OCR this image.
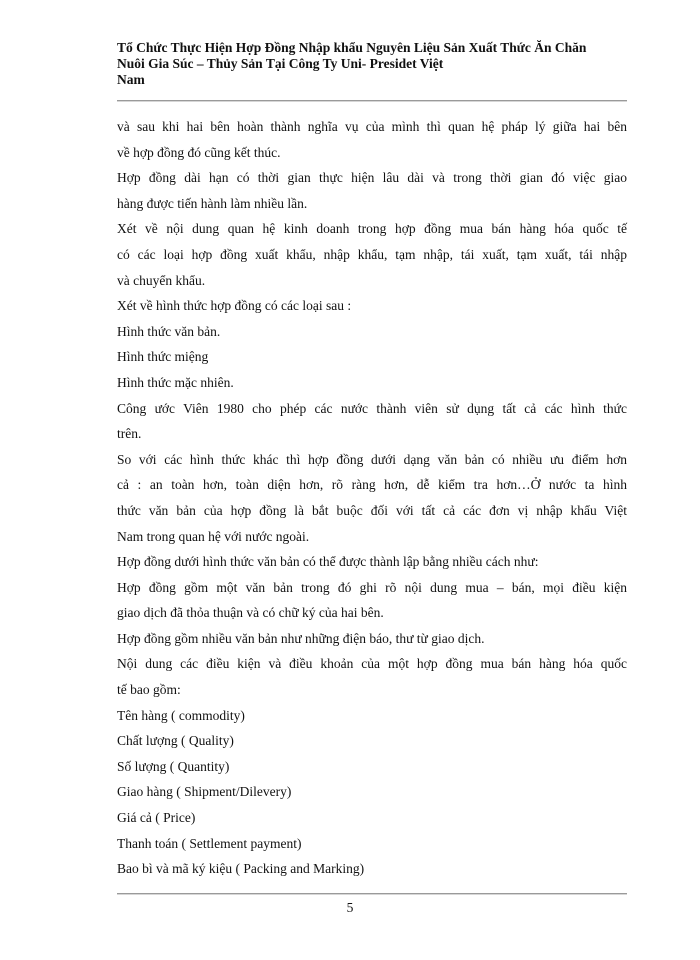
Tổ Chức Thực Hiện Hợp Đồng Nhập khẩu Nguyên Liệu Sản Xuất Thức Ăn Chăn
Nuôi Gia Súc – Thủy Sản Tại Công Ty Uni- Presidet Việt
Nam
và sau khi hai bên hoàn thành nghĩa vụ của mình thì quan hệ pháp lý giữa hai bên
về hợp đồng đó cũng kết thúc.
Hợp đồng dài hạn có thời gian thực hiện lâu dài và trong thời gian đó việc giao
hàng được tiến hành làm nhiều lần.
Xét về nội dung quan hệ kinh doanh trong hợp đồng mua bán hàng hóa quốc tế
có các loại hợp đồng xuất khẩu, nhập khẩu, tạm nhập, tái xuất, tạm xuất, tái nhập
và chuyển khẩu.
Xét về hình thức hợp đồng có các loại sau :
Hình thức văn bản.
Hình thức miệng
Hình thức mặc nhiên.
Công ước Viên 1980 cho phép các nước thành viên sử dụng tất cả các hình thức
trên.
So với các hình thức khác thì hợp đồng dưới dạng văn bản có nhiều ưu điểm hơn
cả : an toàn hơn, toàn diện hơn, rõ ràng hơn, dễ kiểm tra hơn…Ở nước ta hình
thức văn bản của hợp đồng là bắt buộc đối với tất cả các đơn vị nhập khẩu Việt
Nam trong quan hệ với nước ngoài.
Hợp đồng dưới hình thức văn bản có thể được thành lập bằng nhiều cách như:
Hợp đồng gồm một văn bản trong đó ghi rõ nội dung mua – bán, mọi điều kiện
giao dịch đã thỏa thuận và có chữ ký của hai bên.
Hợp đồng gồm nhiều văn bản như những điện báo, thư từ giao dịch.
Nội dung các điều kiện và điều khoản của một hợp đồng mua bán hàng hóa quốc
tế bao gồm:
Tên hàng ( commodity)
Chất lượng ( Quality)
Số lượng ( Quantity)
Giao hàng ( Shipment/Dilevery)
Giá cả ( Price)
Thanh toán ( Settlement payment)
Bao bì và mã ký kiệu ( Packing and Marking)
5
